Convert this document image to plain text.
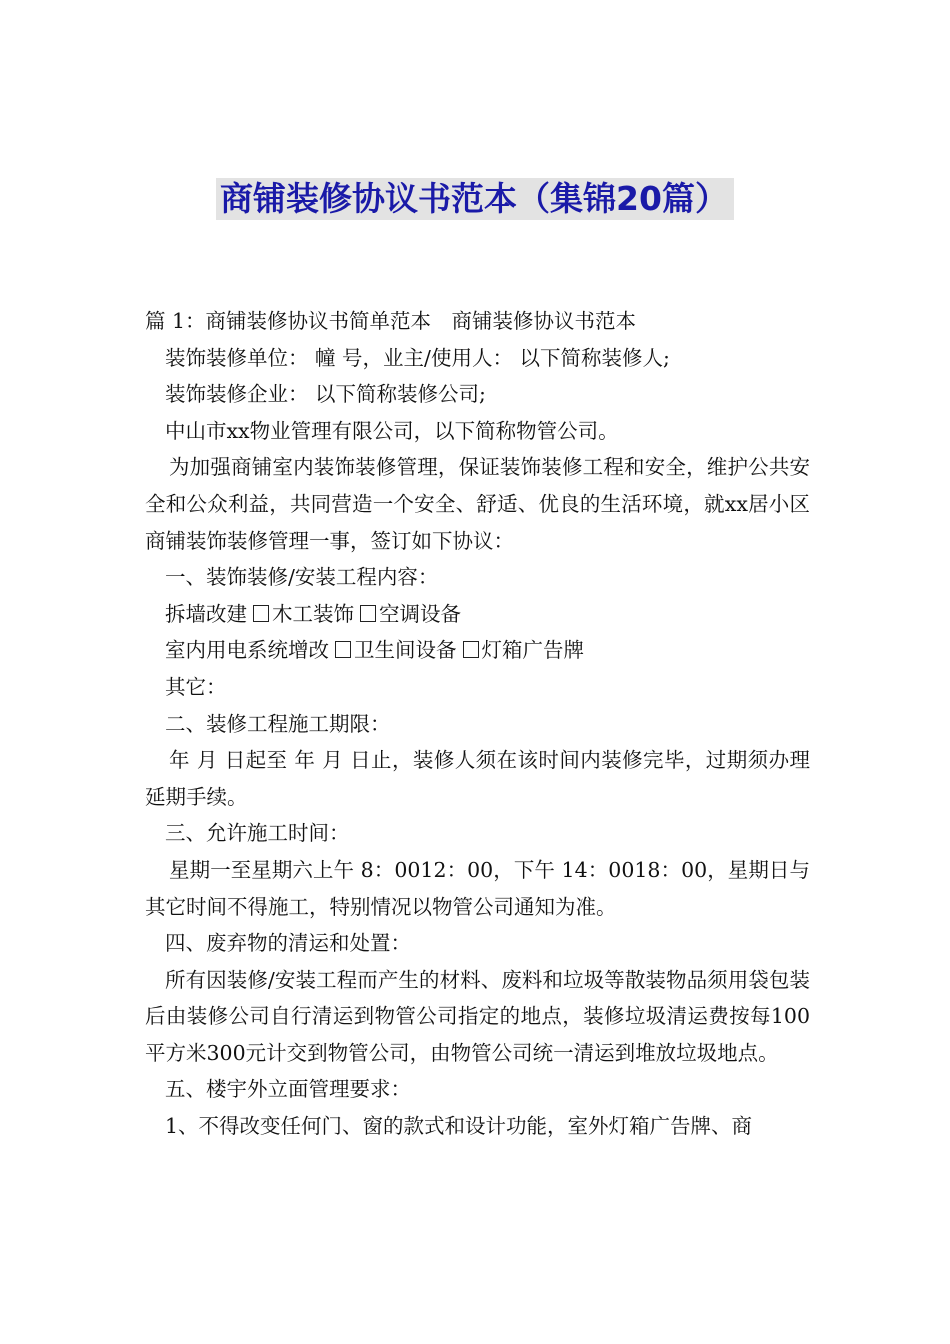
商铺装修协议书范本（集锦20篇）

篇 1：商铺装修协议书简单范本　商铺装修协议书范本

装饰装修单位： 幢 号，业主/使用人： 以下简称装修人;

装饰装修企业： 以下简称装修公司;

中山市xx物业管理有限公司，以下简称物管公司。

为加强商铺室内装饰装修管理，保证装饰装修工程和安全，维护公共安全和公众利益，共同营造一个安全、舒适、优良的生活环境，就xx居小区商铺装饰装修管理一事，签订如下协议：

一、装饰装修/安装工程内容：

拆墙改建 木工装饰 空调设备

室内用电系统增改 卫生间设备 灯箱广告牌

其它：

二、装修工程施工期限：

年 月 日起至 年 月 日止，装修人须在该时间内装修完毕，过期须办理延期手续。

三、允许施工时间：

星期一至星期六上午 8：0012：00，下午 14：0018：00，星期日与其它时间不得施工，特别情况以物管公司通知为准。

四、废弃物的清运和处置：

所有因装修/安装工程而产生的材料、废料和垃圾等散装物品须用袋包装后由装修公司自行清运到物管公司指定的地点，装修垃圾清运费按每100平方米300元计交到物管公司，由物管公司统一清运到堆放垃圾地点。

五、楼宇外立面管理要求：

1、不得改变任何门、窗的款式和设计功能，室外灯箱广告牌、商
